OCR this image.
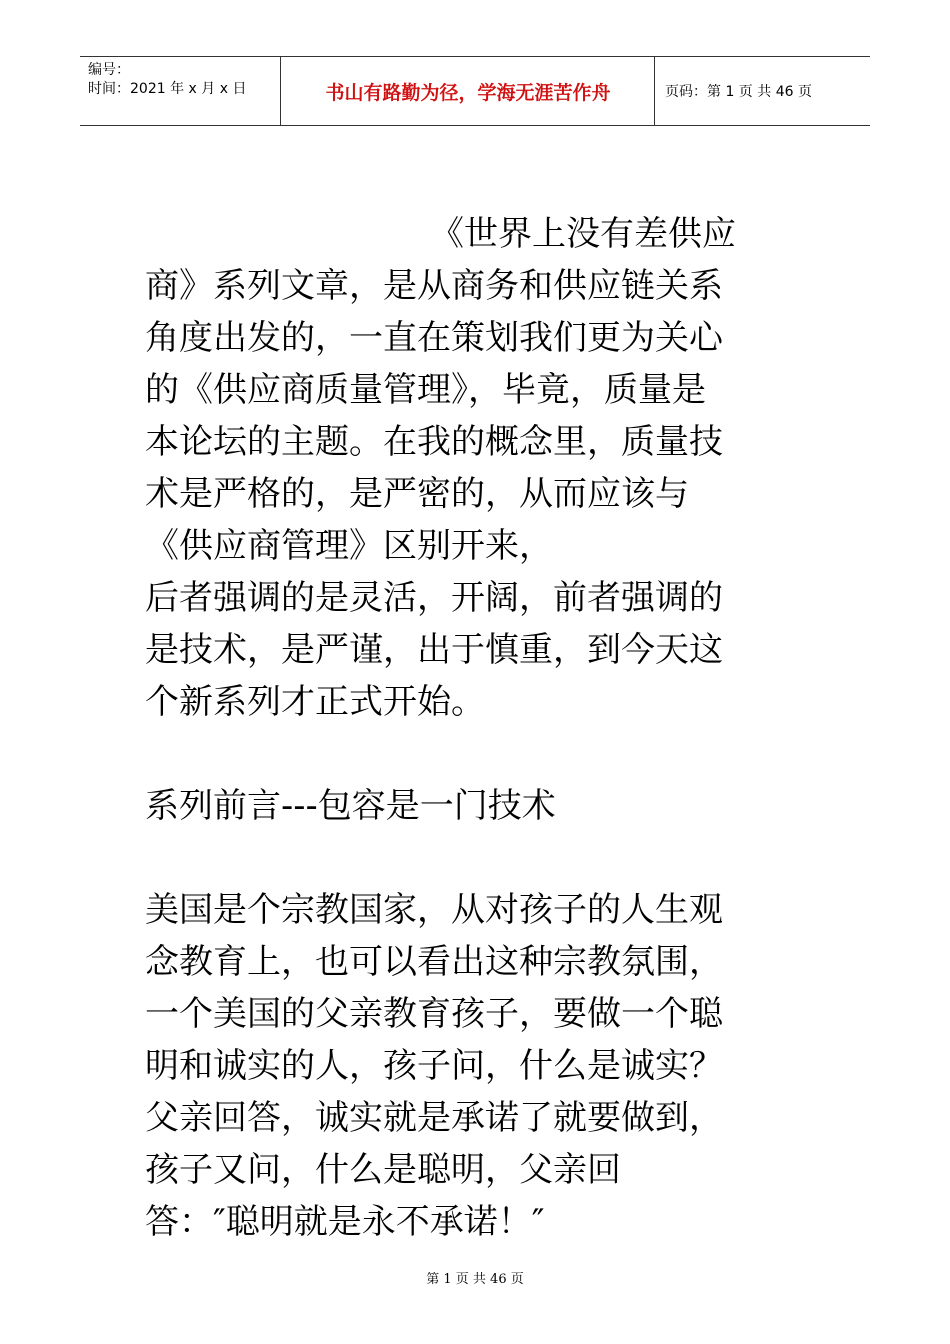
编号：
时间：2021 年 x 月 x 日	书山有路勤为径，学海无涯苦作舟	页码：第 1 页 共 46 页

《世界上没有差供应

商》系列文章，是从商务和供应链关系
角度出发的，一直在策划我们更为关心
的《供应商质量管理》，毕竟，质量是
本论坛的主题。在我的概念里，质量技
术是严格的，是严密的，从而应该与
《供应商管理》区别开来，
后者强调的是灵活，开阔，前者强调的
是技术，是严谨，出于慎重，到今天这
个新系列才正式开始。

系列前言---包容是一门技术

美国是个宗教国家，从对孩子的人生观
念教育上，也可以看出这种宗教氛围，
一个美国的父亲教育孩子，要做一个聪
明和诚实的人，孩子问，什么是诚实？
父亲回答，诚实就是承诺了就要做到，
孩子又问，什么是聪明，父亲回
答：″聪明就是永不承诺！″

第 1 页 共 46 页
